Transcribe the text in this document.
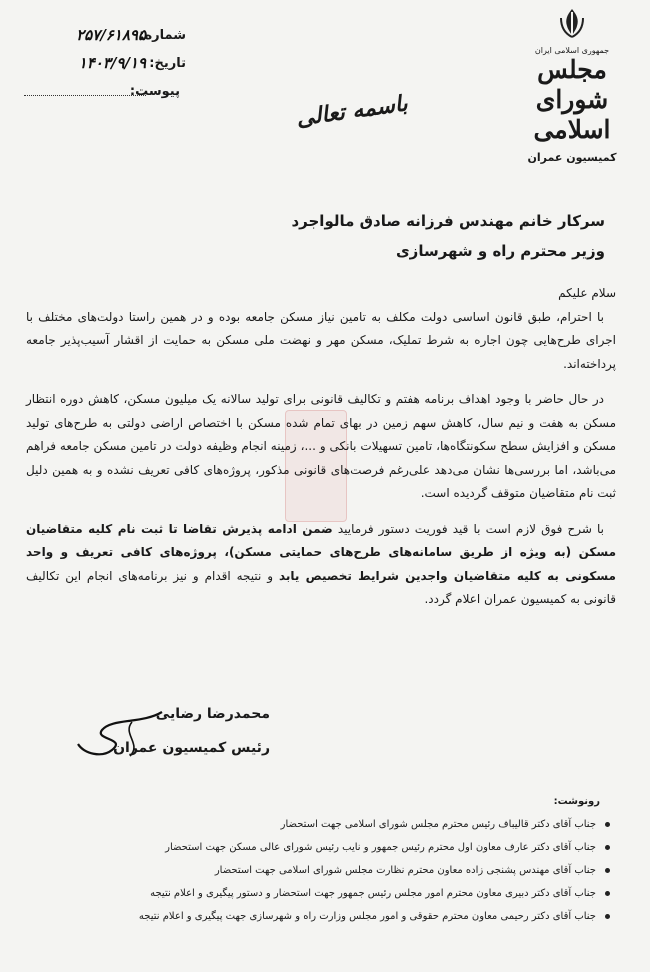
جمهوری اسلامی ایران
مجلس شورای اسلامی
کمیسیون عمران
شماره:
۲۵۷/۶۱۸۹۵
تاریخ:
۱۴۰۳/۹/۱۹
پیوست:	باسمه تعالی
سرکار خانم مهندس فرزانه صادق مالواجرد
وزیر محترم راه و شهرسازی

سلام علیکم

با احترام، طبق قانون اساسی دولت مکلف به تامین نیاز مسکن جامعه بوده و در همین راستا دولت‌های مختلف با اجرای طرح‌هایی چون اجاره به شرط تملیک، مسکن مهر و نهضت ملی مسکن به حمایت از اقشار آسیب‌پذیر جامعه پرداخته‌اند.

در حال حاضر با وجود اهداف برنامه هفتم و تکالیف قانونی برای تولید سالانه یک میلیون مسکن، کاهش دوره انتظار مسکن به هفت و نیم سال، کاهش سهم زمین در بهای تمام شده مسکن با اختصاص اراضی دولتی به طرح‌های تولید مسکن و افزایش سطح سکونتگاه‌ها، تامین تسهیلات بانکی و ...، زمینه انجام وظیفه دولت در تامین مسکن جامعه فراهم می‌باشد، اما بررسی‌ها نشان می‌دهد علی‌رغم فرصت‌های قانونی مذکور، پروژه‌های کافی تعریف نشده و به همین دلیل ثبت نام متقاضیان متوقف گردیده است.

با شرح فوق لازم است با قید فوریت دستور فرمایید ضمن ادامه پذیرش تقاضا تا ثبت نام کلیه متقاضیان مسکن (به ویژه از طریق سامانه‌های طرح‌های حمایتی مسکن)، پروژه‌های کافی تعریف و واحد مسکونی به کلیه متقاضیان واجدین شرایط تخصیص یابد و نتیجه اقدام و نیز برنامه‌های انجام این تکالیف قانونی به کمیسیون عمران اعلام گردد.

محمدرضا رضایی
رئیس کمیسیون عمران
رونوشت:
جناب آقای دکتر قالیباف رئیس محترم مجلس شورای اسلامی جهت استحضار
جناب آقای دکتر عارف معاون اول محترم رئیس جمهور و نایب رئیس شورای عالی مسکن جهت استحضار
جناب آقای مهندس پشنجی زاده معاون محترم نظارت مجلس شورای اسلامی جهت استحضار
جناب آقای دکتر دبیری معاون محترم امور مجلس رئیس جمهور جهت استحضار و دستور پیگیری و اعلام نتیجه
جناب آقای دکتر رحیمی معاون محترم حقوقی و امور مجلس وزارت راه و شهرسازی جهت پیگیری و اعلام نتیجه
